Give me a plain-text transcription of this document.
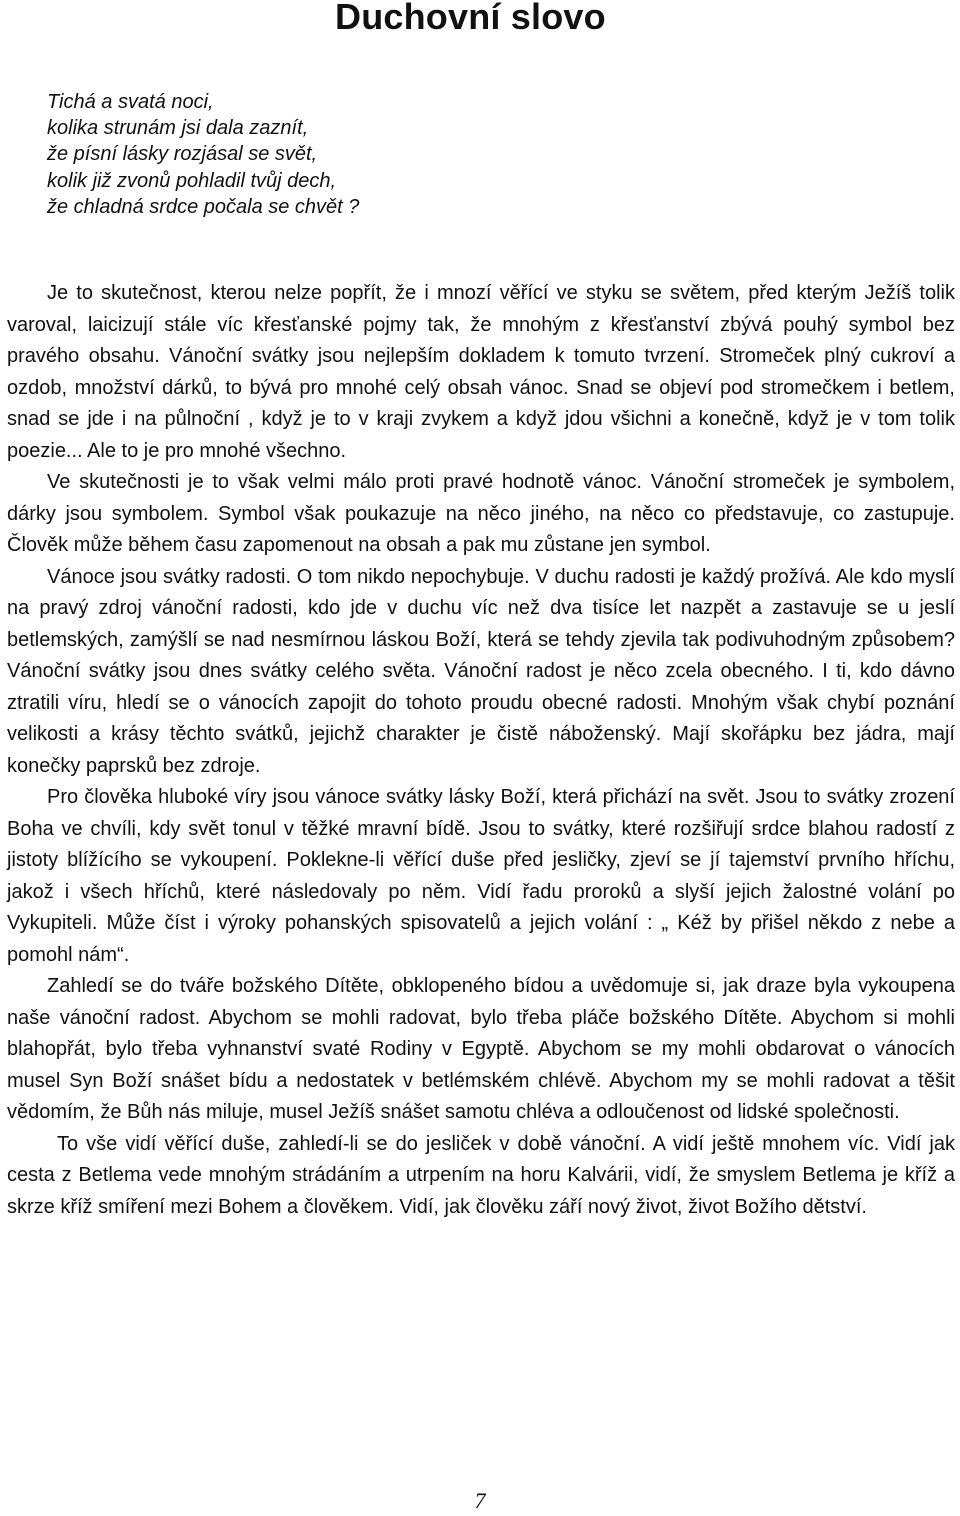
Duchovní slovo
Tichá a svatá noci,
kolika strunám jsi dala zaznít,
že písní lásky rozjásal se svět,
kolik již zvonů pohladil tvůj dech,
že chladná srdce počala se chvět ?

Je to skutečnost, kterou nelze popřít, že i mnozí věřící ve styku se světem, před kterým Ježíš tolik varoval, laicizují stále víc křesťanské pojmy tak, že mnohým z křesťanství zbývá pouhý symbol bez pravého obsahu. Vánoční svátky jsou nejlepším dokladem k tomuto tvrzení. Stromeček plný cukroví a ozdob, množství dárků, to bývá pro mnohé celý obsah vánoc. Snad se objeví pod stromečkem i betlem, snad se jde i na půlnoční , když je to v kraji zvykem a když jdou všichni a konečně, když je v tom tolik poezie... Ale to je pro mnohé všechno.

Ve skutečnosti je to však velmi málo proti pravé hodnotě vánoc. Vánoční stromeček je symbolem, dárky jsou symbolem. Symbol však poukazuje na něco jiného, na něco co představuje, co zastupuje. Člověk může během času zapomenout na obsah a pak mu zůstane jen symbol.

Vánoce jsou svátky radosti. O tom nikdo nepochybuje. V duchu radosti je každý prožívá. Ale kdo myslí na pravý zdroj vánoční radosti, kdo jde v duchu víc než dva tisíce let nazpět a zastavuje se u jeslí betlemských, zamýšlí se nad nesmírnou láskou Boží, která se tehdy zjevila tak podivuhodným způsobem? Vánoční svátky jsou dnes svátky celého světa. Vánoční radost je něco zcela obecného. I ti, kdo dávno ztratili víru, hledí se o vánocích zapojit do tohoto proudu obecné radosti. Mnohým však chybí poznání velikosti a krásy těchto svátků, jejichž charakter je čistě náboženský. Mají skořápku bez jádra, mají konečky paprsků bez zdroje.

Pro člověka hluboké víry jsou vánoce svátky lásky Boží, která přichází na svět. Jsou to svátky zrození Boha ve chvíli, kdy svět tonul v těžké mravní bídě. Jsou to svátky, které rozšiřují srdce blahou radostí z jistoty blížícího se vykoupení. Poklekne-li věřící duše před jesličky, zjeví se jí tajemství prvního hříchu, jakož i všech hříchů, které následovaly po něm. Vidí řadu proroků a slyší jejich žalostné volání po Vykupiteli. Může číst i výroky pohanských spisovatelů a jejich volání : „ Kéž by přišel někdo z nebe a pomohl nám“.

Zahledí se do tváře božského Dítěte, obklopeného bídou a uvědomuje si, jak draze byla vykoupena naše vánoční radost. Abychom se mohli radovat, bylo třeba pláče božského Dítěte. Abychom si mohli blahopřát, bylo třeba vyhnanství svaté Rodiny v Egyptě. Abychom se my mohli obdarovat o vánocích musel Syn Boží snášet bídu a nedostatek v betlémském chlévě. Abychom my se mohli radovat a těšit vědomím, že Bůh nás miluje, musel Ježíš snášet samotu chléva a odloučenost od lidské společnosti.

To vše vidí věřící duše, zahledí-li se do jesliček v době vánoční. A vidí ještě mnohem víc. Vidí jak cesta z Betlema vede mnohým strádáním a utrpením na horu Kalvárii, vidí, že smyslem Betlema je kříž a skrze kříž smíření mezi Bohem a člověkem. Vidí, jak člověku září nový život, život Božího dětství.

7
